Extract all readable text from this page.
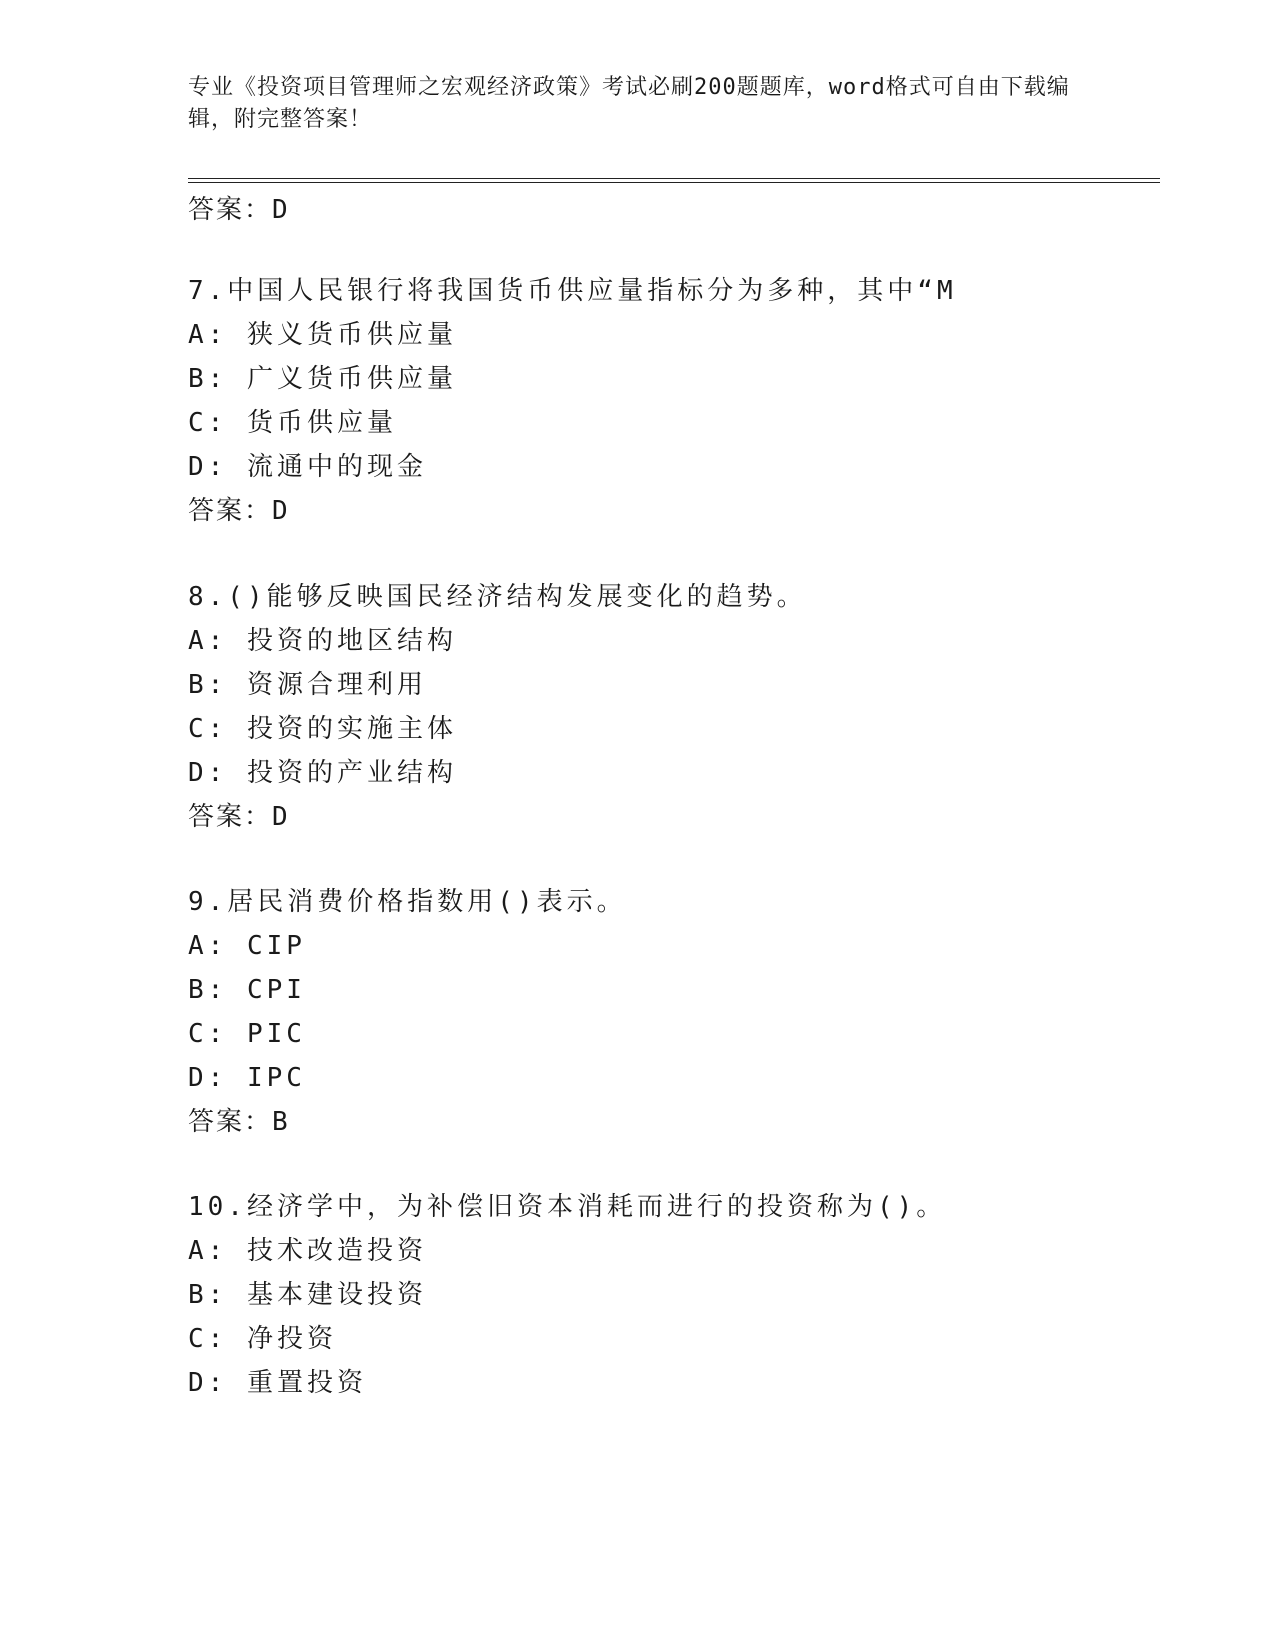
专业《投资项目管理师之宏观经济政策》考试必刷200题题库，word格式可自由下载编辑，附完整答案！
答案：D
7.中国人民银行将我国货币供应量指标分为多种，其中“M
A: 狭义货币供应量
B: 广义货币供应量
C: 货币供应量
D: 流通中的现金
答案：D
8.()能够反映国民经济结构发展变化的趋势。
A: 投资的地区结构
B: 资源合理利用
C: 投资的实施主体
D: 投资的产业结构
答案：D
9.居民消费价格指数用()表示。
A: CIP
B: CPI
C: PIC
D: IPC
答案：B
10.经济学中，为补偿旧资本消耗而进行的投资称为()。
A: 技术改造投资
B: 基本建设投资
C: 净投资
D: 重置投资
